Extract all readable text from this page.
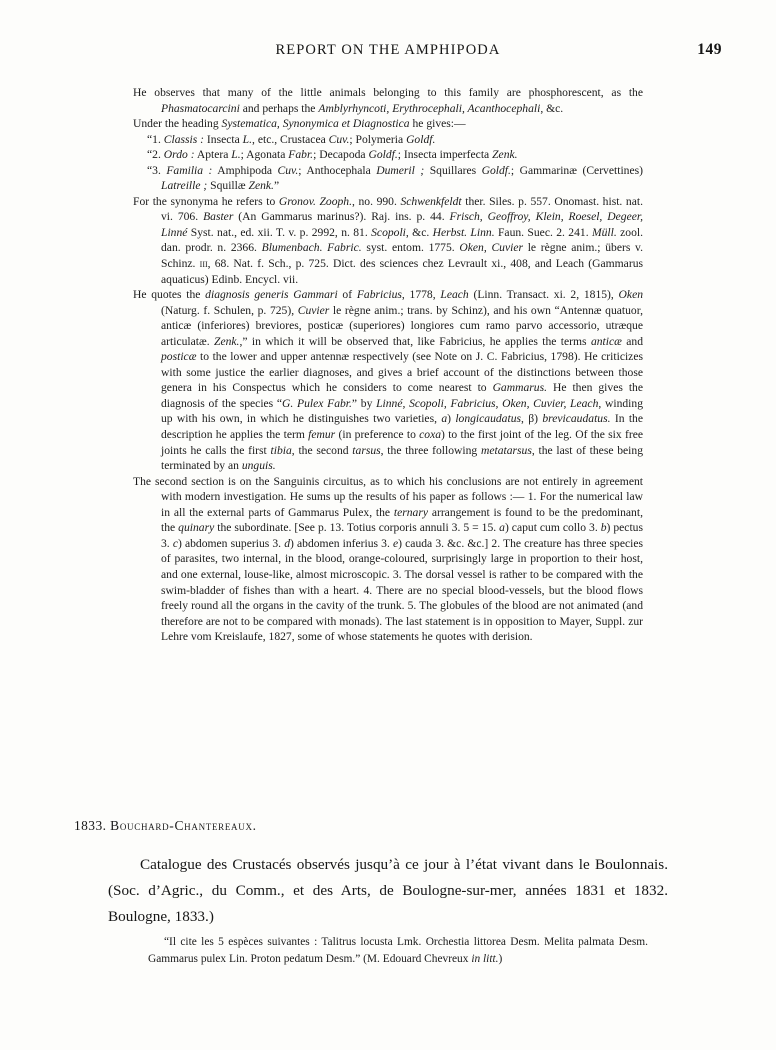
REPORT ON THE AMPHIPODA	149

He observes that many of the little animals belonging to this family are phosphorescent, as the Phasmatocarcini and perhaps the Amblyrhyncoti, Erythrocephali, Acanthocephali, &c.

Under the heading Systematica, Synonymica et Diagnostica he gives:—

“1. Classis : Insecta L., etc., Crustacea Cuv.; Polymeria Goldf.

“2. Ordo : Aptera L.; Agonata Fabr.; Decapoda Goldf.; Insecta imperfecta Zenk.

“3. Familia : Amphipoda Cuv.; Anthocephala Dumeril ; Squillares Goldf.; Gammarinæ (Cervettines) Latreille ; Squillæ Zenk.”

For the synonyma he refers to Gronov. Zooph., no. 990. Schwenkfeldt ther. Siles. p. 557. Onomast. hist. nat. vi. 706. Baster (An Gammarus marinus?). Raj. ins. p. 44. Frisch, Geoffroy, Klein, Roesel, Degeer, Linné Syst. nat., ed. xii. T. v. p. 2992, n. 81. Scopoli, &c. Herbst. Linn. Faun. Suec. 2. 241. Müll. zool. dan. prodr. n. 2366. Blumenbach. Fabric. syst. entom. 1775. Oken, Cuvier le règne anim.; übers v. Schinz. iii, 68. Nat. f. Sch., p. 725. Dict. des sciences chez Levrault xi., 408, and Leach (Gammarus aquaticus) Edinb. Encycl. vii.

He quotes the diagnosis generis Gammari of Fabricius, 1778, Leach (Linn. Transact. xi. 2, 1815), Oken (Naturg. f. Schulen, p. 725), Cuvier le règne anim.; trans. by Schinz), and his own “Antennæ quatuor, anticæ (inferiores) breviores, posticæ (superiores) longiores cum ramo parvo accessorio, utræque articulatæ. Zenk.,” in which it will be observed that, like Fabricius, he applies the terms anticæ and posticæ to the lower and upper antennæ respectively (see Note on J. C. Fabricius, 1798). He criticizes with some justice the earlier diagnoses, and gives a brief account of the distinctions between those genera in his Conspectus which he considers to come nearest to Gammarus. He then gives the diagnosis of the species “G. Pulex Fabr.” by Linné, Scopoli, Fabricius, Oken, Cuvier, Leach, winding up with his own, in which he distinguishes two varieties, a) longicaudatus, β) brevicaudatus. In the description he applies the term femur (in preference to coxa) to the first joint of the leg. Of the six free joints he calls the first tibia, the second tarsus, the three following metatarsus, the last of these being terminated by an unguis.

The second section is on the Sanguinis circuitus, as to which his conclusions are not entirely in agreement with modern investigation. He sums up the results of his paper as follows :— 1. For the numerical law in all the external parts of Gammarus Pulex, the ternary arrangement is found to be the predominant, the quinary the subordinate. [See p. 13. Totius corporis annuli 3. 5 = 15. a) caput cum collo 3. b) pectus 3. c) abdomen superius 3. d) abdomen inferius 3. e) cauda 3. &c. &c.] 2. The creature has three species of parasites, two internal, in the blood, orange-coloured, surprisingly large in proportion to their host, and one external, louse-like, almost microscopic. 3. The dorsal vessel is rather to be compared with the swim-bladder of fishes than with a heart. 4. There are no special blood-vessels, but the blood flows freely round all the organs in the cavity of the trunk. 5. The globules of the blood are not animated (and therefore are not to be compared with monads). The last statement is in opposition to Mayer, Suppl. zur Lehre vom Kreislaufe, 1827, some of whose statements he quotes with derision.

1833. Bouchard-Chantereaux.
Catalogue des Crustacés observés jusqu’à ce jour à l’état vivant dans le Boulonnais. (Soc. d’Agric., du Comm., et des Arts, de Boulogne-sur-mer, années 1831 et 1832. Boulogne, 1833.)
“Il cite les 5 espèces suivantes : Talitrus locusta Lmk. Orchestia littorea Desm. Melita palmata Desm. Gammarus pulex Lin. Proton pedatum Desm.” (M. Edouard Chevreux in litt.)
